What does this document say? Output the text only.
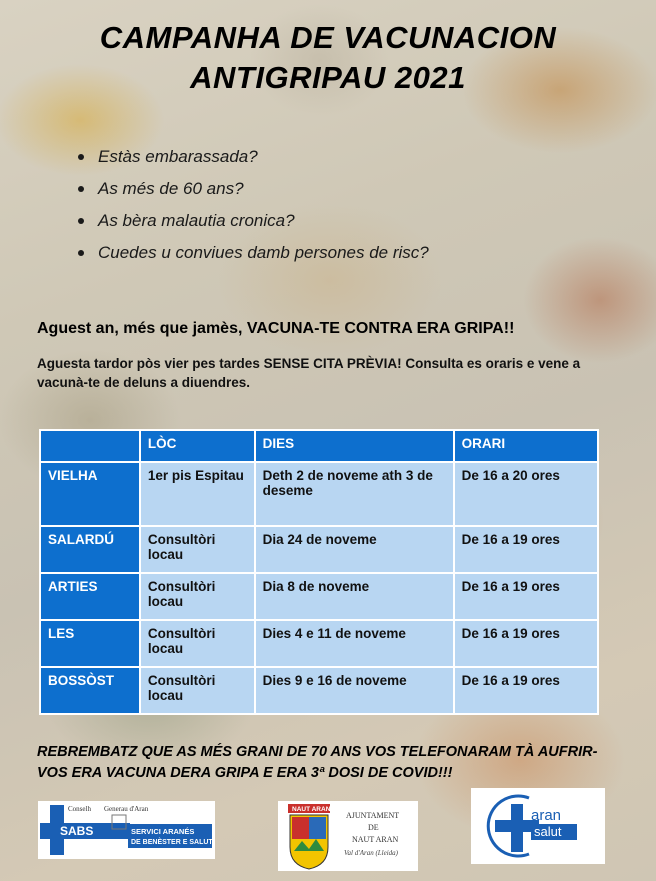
CAMPANHA DE VACUNACION
ANTIGRIPAU 2021
Estàs embarassada?
As més de 60 ans?
As bèra malautia cronica?
Cuedes u conviues damb persones de risc?
Aguest an, més que jamès, VACUNA-TE CONTRA ERA GRIPA!!
Aguesta tardor pòs vier pes tardes SENSE CITA PRÈVIA! Consulta es oraris e vene a vacunà-te de deluns a diuendres.
	LÒC	DIES	ORARI
VIELHA	1er pis Espitau	Deth 2 de noveme ath 3 de deseme	De 16 a 20 ores
SALARDÚ	Consultòri locau	Dia 24 de noveme	De 16 a 19 ores
ARTIES	Consultòri locau	Dia 8 de noveme	De 16 a 19 ores
LES	Consultòri locau	Dies 4 e 11 de noveme	De 16 a 19 ores
BOSSÒST	Consultòri locau	Dies 9 e 16 de noveme	De 16 a 19 ores
REBREMBATZ QUE AS MÉS GRANI DE 70 ANS VOS TELEFONARAM TÀ AUFRIR-VOS ERA VACUNA DERA GRIPA E ERA 3ª DOSI DE COVID!!!
SABS
Conselh Generau d'Aran
SERVICI ARANÉS
DE BENÈSTER E SALUT
NAUT ARAN
AJUNTAMENT
DE
NAUT ARAN
Val d'Aran (Lleida)
aran
salut
